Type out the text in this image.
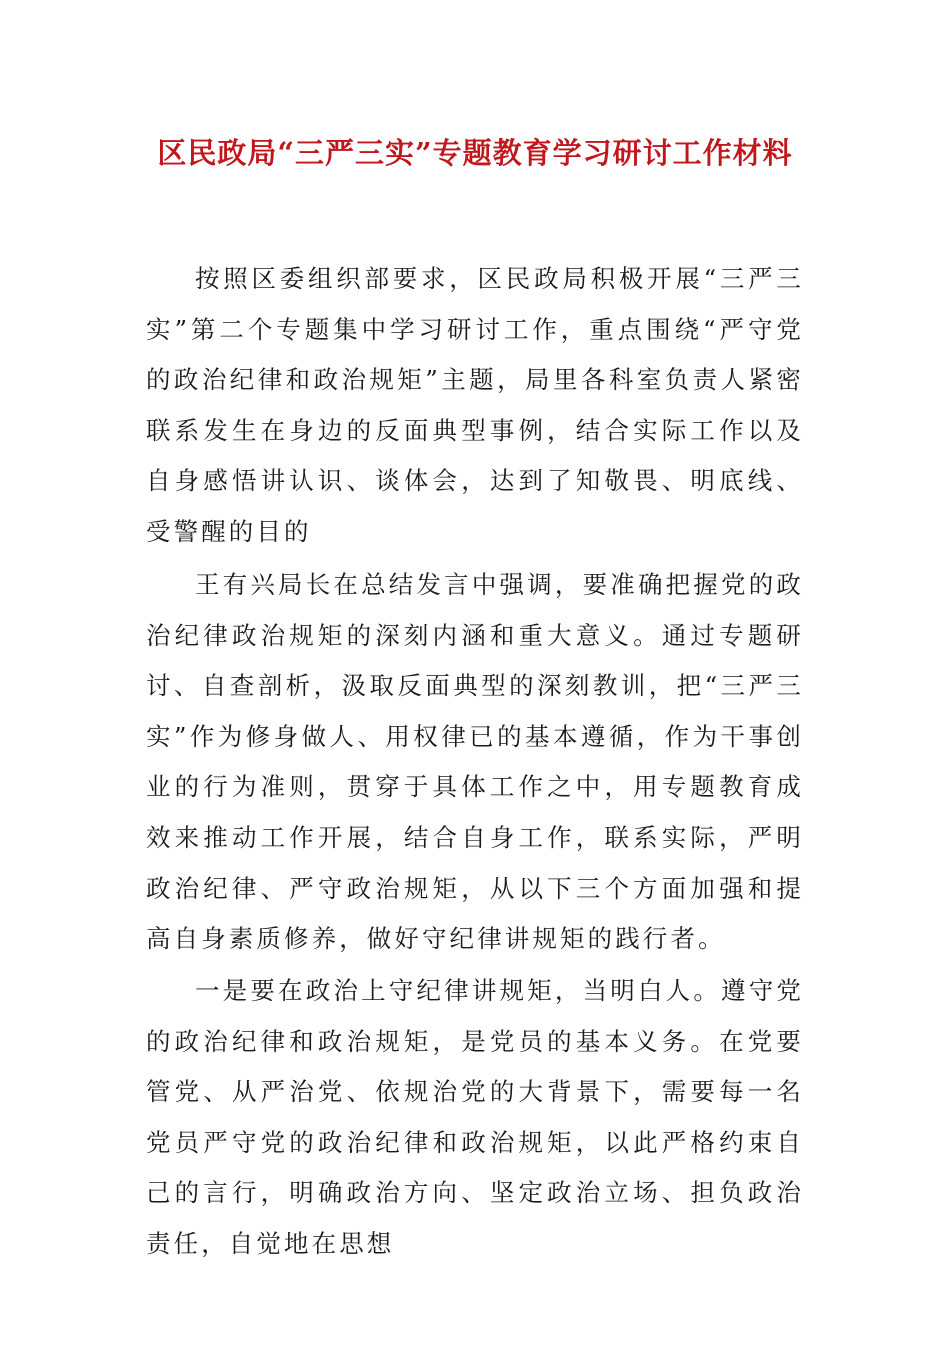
区民政局“三严三实”专题教育学习研讨工作材料

按照区委组织部要求，区民政局积极开展“三严三实”第二个专题集中学习研讨工作，重点围绕“严守党的政治纪律和政治规矩”主题，局里各科室负责人紧密联系发生在身边的反面典型事例，结合实际工作以及自身感悟讲认识、谈体会，达到了知敬畏、明底线、受警醒的目的

王有兴局长在总结发言中强调，要准确把握党的政治纪律政治规矩的深刻内涵和重大意义。通过专题研讨、自查剖析，汲取反面典型的深刻教训，把“三严三实”作为修身做人、用权律已的基本遵循，作为干事创业的行为准则，贯穿于具体工作之中，用专题教育成效来推动工作开展，结合自身工作，联系实际，严明政治纪律、严守政治规矩，从以下三个方面加强和提高自身素质修养，做好守纪律讲规矩的践行者。

一是要在政治上守纪律讲规矩，当明白人。遵守党的政治纪律和政治规矩，是党员的基本义务。在党要管党、从严治党、依规治党的大背景下，需要每一名党员严守党的政治纪律和政治规矩，以此严格约束自己的言行，明确政治方向、坚定政治立场、担负政治责任，自觉地在思想
